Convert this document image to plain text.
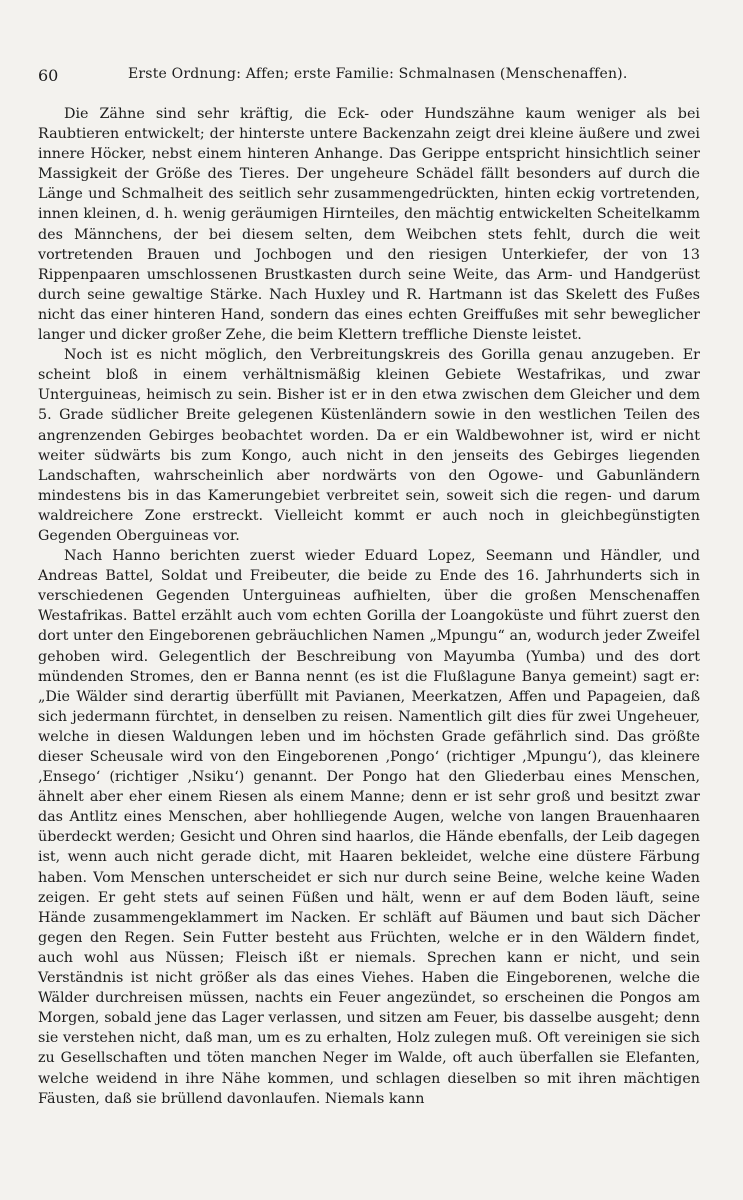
60	Erste Ordnung: Affen; erste Familie: Schmalnasen (Menschenaffen).

Die Zähne sind sehr kräftig, die Eck- oder Hundszähne kaum weniger als bei Raubtieren entwickelt; der hinterste untere Backenzahn zeigt drei kleine äußere und zwei innere Höcker, nebst einem hinteren Anhange. Das Gerippe entspricht hinsichtlich seiner Massigkeit der Größe des Tieres. Der ungeheure Schädel fällt besonders auf durch die Länge und Schmalheit des seitlich sehr zusammengedrückten, hinten eckig vortretenden, innen kleinen, d. h. wenig geräumigen Hirnteiles, den mächtig entwickelten Scheitelkamm des Männchens, der bei diesem selten, dem Weibchen stets fehlt, durch die weit vortretenden Brauen und Jochbogen und den riesigen Unterkiefer, der von 13 Rippenpaaren umschlossenen Brustkasten durch seine Weite, das Arm- und Handgerüst durch seine gewaltige Stärke. Nach Huxley und R. Hartmann ist das Skelett des Fußes nicht das einer hinteren Hand, sondern das eines echten Greiffußes mit sehr beweglicher langer und dicker großer Zehe, die beim Klettern treffliche Dienste leistet.

Noch ist es nicht möglich, den Verbreitungskreis des Gorilla genau anzugeben. Er scheint bloß in einem verhältnismäßig kleinen Gebiete Westafrikas, und zwar Unterguineas, heimisch zu sein. Bisher ist er in den etwa zwischen dem Gleicher und dem 5. Grade südlicher Breite gelegenen Küstenländern sowie in den westlichen Teilen des angrenzenden Gebirges beobachtet worden. Da er ein Waldbewohner ist, wird er nicht weiter südwärts bis zum Kongo, auch nicht in den jenseits des Gebirges liegenden Landschaften, wahrscheinlich aber nordwärts von den Ogowe- und Gabunländern mindestens bis in das Kamerungebiet verbreitet sein, soweit sich die regen- und darum waldreichere Zone erstreckt. Vielleicht kommt er auch noch in gleichbegünstigten Gegenden Oberguineas vor.

Nach Hanno berichten zuerst wieder Eduard Lopez, Seemann und Händler, und Andreas Battel, Soldat und Freibeuter, die beide zu Ende des 16. Jahrhunderts sich in verschiedenen Gegenden Unterguineas aufhielten, über die großen Menschenaffen Westafrikas. Battel erzählt auch vom echten Gorilla der Loangoküste und führt zuerst den dort unter den Eingeborenen gebräuchlichen Namen „Mpungu“ an, wodurch jeder Zweifel gehoben wird. Gelegentlich der Beschreibung von Mayumba (Yumba) und des dort mündenden Stromes, den er Banna nennt (es ist die Flußlagune Banya gemeint) sagt er: „Die Wälder sind derartig überfüllt mit Pavianen, Meerkatzen, Affen und Papageien, daß sich jedermann fürchtet, in denselben zu reisen. Namentlich gilt dies für zwei Ungeheuer, welche in diesen Waldungen leben und im höchsten Grade gefährlich sind. Das größte dieser Scheusale wird von den Eingeborenen ‚Pongo‘ (richtiger ‚Mpungu‘), das kleinere ‚Ensego‘ (richtiger ‚Nsiku‘) genannt. Der Pongo hat den Gliederbau eines Menschen, ähnelt aber eher einem Riesen als einem Manne; denn er ist sehr groß und besitzt zwar das Antlitz eines Menschen, aber hohlliegende Augen, welche von langen Brauenhaaren überdeckt werden; Gesicht und Ohren sind haarlos, die Hände ebenfalls, der Leib dagegen ist, wenn auch nicht gerade dicht, mit Haaren bekleidet, welche eine düstere Färbung haben. Vom Menschen unterscheidet er sich nur durch seine Beine, welche keine Waden zeigen. Er geht stets auf seinen Füßen und hält, wenn er auf dem Boden läuft, seine Hände zusammengeklammert im Nacken. Er schläft auf Bäumen und baut sich Dächer gegen den Regen. Sein Futter besteht aus Früchten, welche er in den Wäldern findet, auch wohl aus Nüssen; Fleisch ißt er niemals. Sprechen kann er nicht, und sein Verständnis ist nicht größer als das eines Viehes. Haben die Eingeborenen, welche die Wälder durchreisen müssen, nachts ein Feuer angezündet, so erscheinen die Pongos am Morgen, sobald jene das Lager verlassen, und sitzen am Feuer, bis dasselbe ausgeht; denn sie verstehen nicht, daß man, um es zu erhalten, Holz zulegen muß. Oft vereinigen sie sich zu Gesellschaften und töten manchen Neger im Walde, oft auch überfallen sie Elefanten, welche weidend in ihre Nähe kommen, und schlagen dieselben so mit ihren mächtigen Fäusten, daß sie brüllend davonlaufen. Niemals kann
